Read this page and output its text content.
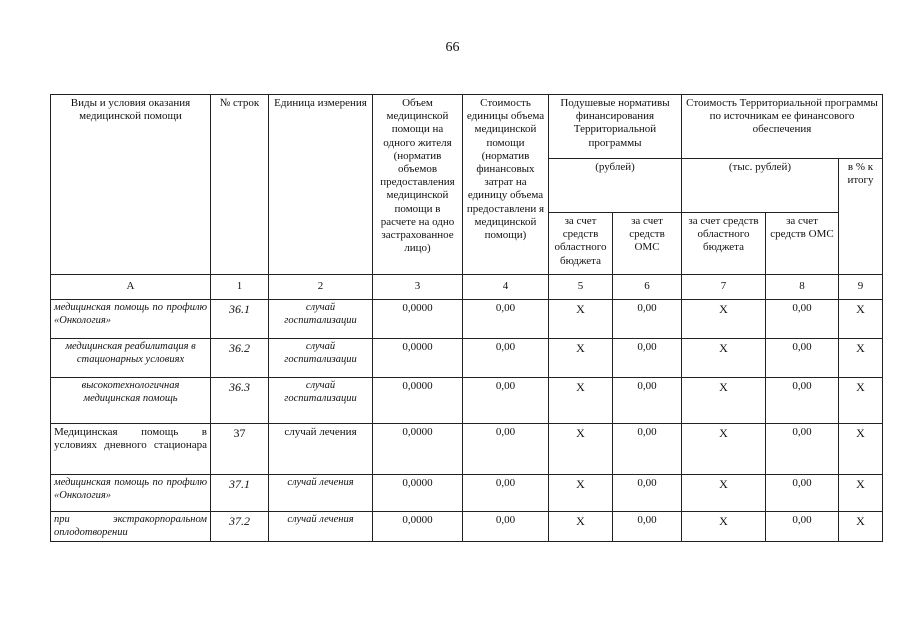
66
Виды и условия оказания медицинской помощи	№ строк	Единица измерения	Объем медицинской помощи на одного жителя (норматив объемов предоставления медицинской помощи в расчете на одно застрахованное лицо)	Стоимость единицы объема медицинской помощи (норматив финансовых затрат на единицу объема предоставлени я медицинской помощи)	Подушевые нормативы финансирования Территориальной программы		Стоимость Территориальной программы по источникам ее финансового обеспечения		
					(рублей)		(тыс. рублей)		в % к итогу
					за счет средств областного бюджета	за счет средств ОМС	за счет средств областного бюджета	за счет средств ОМС	
А	1	2	3	4	5	6	7	8	9
медицинская помощь по профилю «Онкология»	36.1	случай госпитализации	0,0000	0,00	Х	0,00	Х	0,00	Х
медицинская реабилитация в стационарных условиях	36.2	случай госпитализации	0,0000	0,00	Х	0,00	Х	0,00	Х
высокотехнологичная медицинская помощь	36.3	случай госпитализации	0,0000	0,00	Х	0,00	Х	0,00	Х
Медицинская помощь в условиях дневного стационара	37	случай лечения	0,0000	0,00	Х	0,00	Х	0,00	Х
медицинская помощь по профилю «Онкология»	37.1	случай лечения	0,0000	0,00	Х	0,00	Х	0,00	Х
при экстракорпоральном оплодотворении	37.2	случай лечения	0,0000	0,00	Х	0,00	Х	0,00	Х
